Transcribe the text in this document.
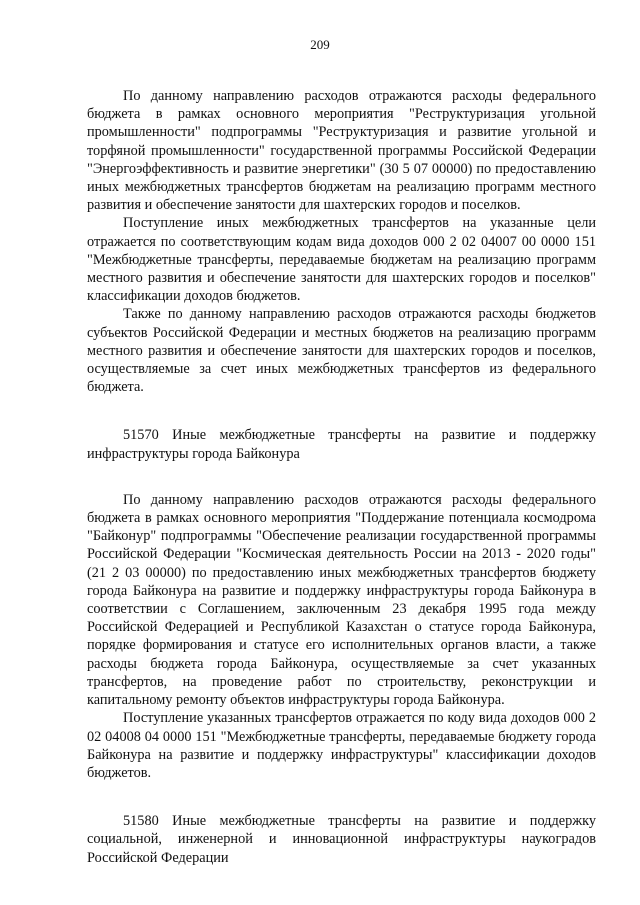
209

По данному направлению расходов отражаются расходы федерального бюджета в рамках основного мероприятия "Реструктуризация угольной промышленности" подпрограммы "Реструктуризация и развитие угольной и торфяной промышленности" государственной программы Российской Федерации "Энергоэффективность и развитие энергетики" (30 5 07 00000) по предоставлению иных межбюджетных трансфертов бюджетам на реализацию программ местного развития и обеспечение занятости для шахтерских городов и поселков.

Поступление иных межбюджетных трансфертов на указанные цели отражается по соответствующим кодам вида доходов 000 2 02 04007 00 0000 151 "Межбюджетные трансферты, передаваемые бюджетам на реализацию программ местного развития и обеспечение занятости для шахтерских городов и поселков" классификации доходов бюджетов.

Также по данному направлению расходов отражаются расходы бюджетов субъектов Российской Федерации и местных бюджетов на реализацию программ местного развития и обеспечение занятости для шахтерских городов и поселков, осуществляемые за счет иных межбюджетных трансфертов из федерального бюджета.

51570 Иные межбюджетные трансферты на развитие и поддержку инфраструктуры города Байконура

По данному направлению расходов отражаются расходы федерального бюджета в рамках основного мероприятия "Поддержание потенциала космодрома "Байконур" подпрограммы "Обеспечение реализации государственной программы Российской Федерации "Космическая деятельность России на 2013 - 2020 годы" (21 2 03 00000) по предоставлению иных межбюджетных трансфертов бюджету города Байконура на развитие и поддержку инфраструктуры города Байконура в соответствии с Соглашением, заключенным 23 декабря 1995 года между Российской Федерацией и Республикой Казахстан о статусе города Байконура, порядке формирования и статусе его исполнительных органов власти, а также расходы бюджета города Байконура, осуществляемые за счет указанных трансфертов, на проведение работ по строительству, реконструкции и капитальному ремонту объектов инфраструктуры города Байконура.

Поступление указанных трансфертов отражается по коду вида доходов 000 2 02 04008 04 0000 151 "Межбюджетные трансферты, передаваемые бюджету города Байконура на развитие и поддержку инфраструктуры" классификации доходов бюджетов.

51580 Иные межбюджетные трансферты на развитие и поддержку социальной, инженерной и инновационной инфраструктуры наукоградов Российской Федерации
